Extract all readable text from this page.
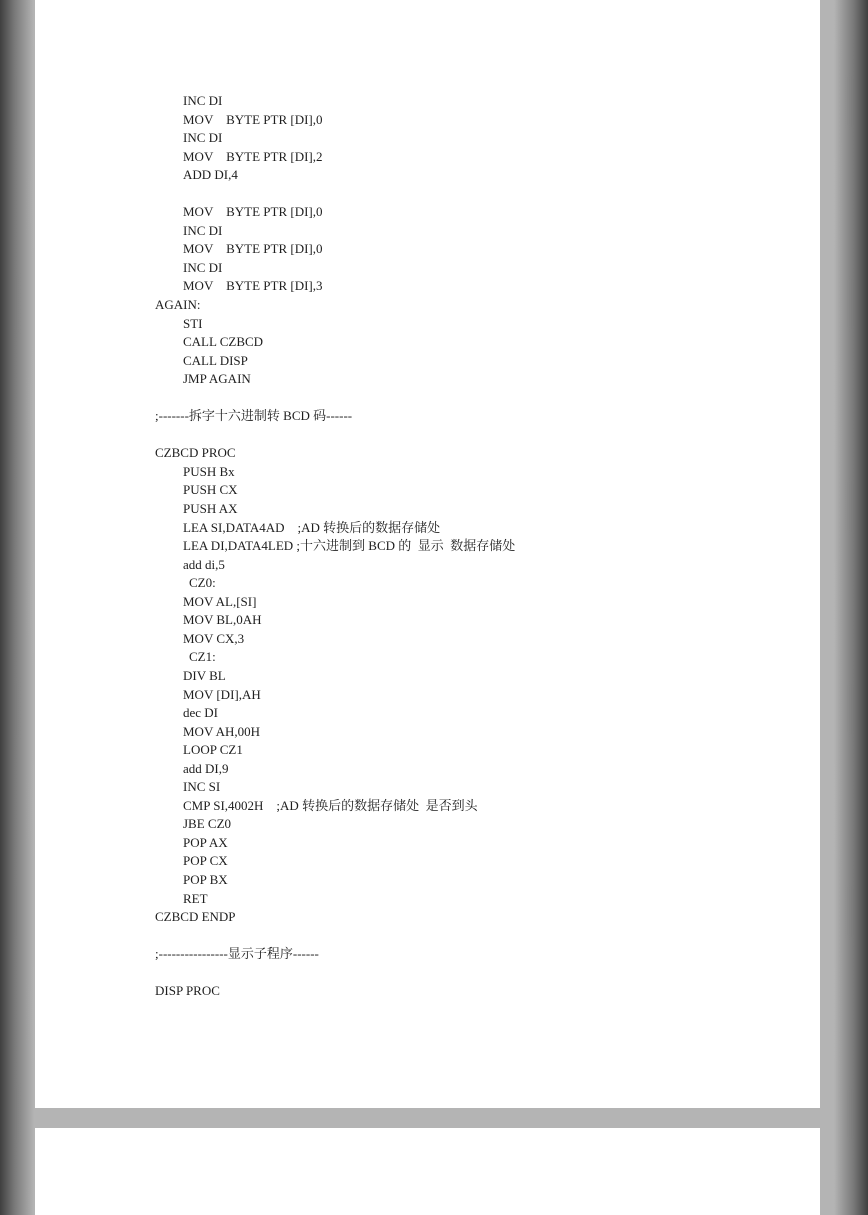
INC DI
MOV    BYTE PTR [DI],0
INC DI
MOV    BYTE PTR [DI],2
ADD DI,4
MOV    BYTE PTR [DI],0
INC DI
MOV    BYTE PTR [DI],0
INC DI
MOV    BYTE PTR [DI],3
AGAIN:
STI
CALL CZBCD
CALL DISP
JMP AGAIN
;-------拆字十六进制转 BCD 码------
CZBCD PROC
PUSH Bx
PUSH CX
PUSH AX
LEA SI,DATA4AD    ;AD 转换后的数据存储处
LEA DI,DATA4LED ;十六进制到 BCD 的  显示  数据存储处
add di,5
CZ0:
MOV AL,[SI]
MOV BL,0AH
MOV CX,3
CZ1:
DIV BL
MOV [DI],AH
dec DI
MOV AH,00H
LOOP CZ1
add DI,9
INC SI
CMP SI,4002H    ;AD 转换后的数据存储处  是否到头
JBE CZ0
POP AX
POP CX
POP BX
RET
CZBCD ENDP
;----------------显示子程序------
DISP PROC
